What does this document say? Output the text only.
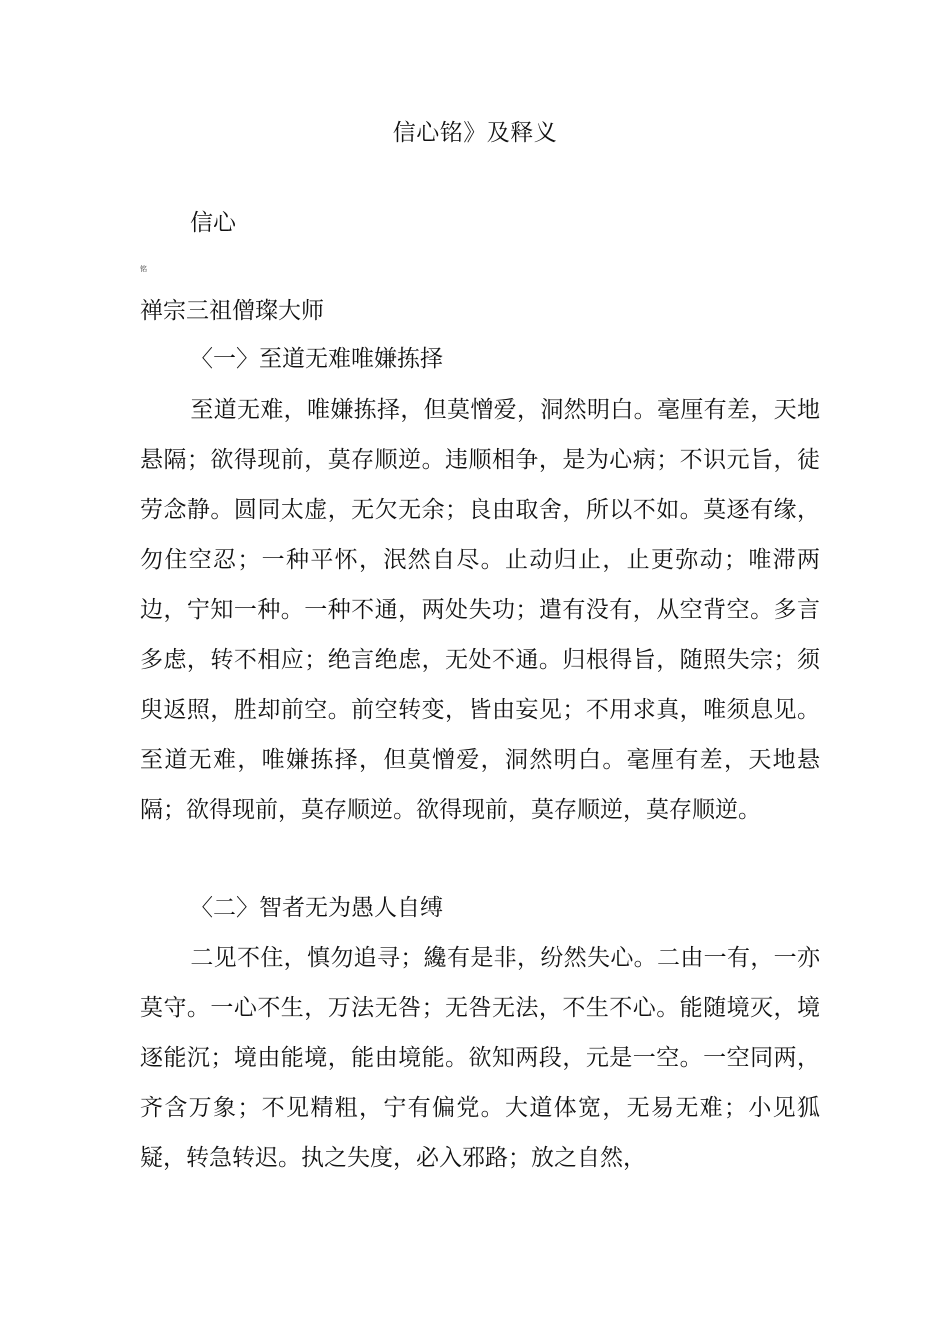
信心铭》及释义
信心
铭
禅宗三祖僧璨大师
〈一〉至道无难唯嫌拣择
至道无难，唯嫌拣择，但莫憎爱，洞然明白。毫厘有差，天地悬隔；欲得现前，莫存顺逆。违顺相争，是为心病；不识元旨，徒劳念静。圆同太虚，无欠无余；良由取舍，所以不如。莫逐有缘，勿住空忍；一种平怀，泯然自尽。止动归止，止更弥动；唯滞两边，宁知一种。一种不通，两处失功；遣有没有，从空背空。多言多虑，转不相应；绝言绝虑，无处不通。归根得旨，随照失宗；须臾返照，胜却前空。前空转变，皆由妄见；不用求真，唯须息见。至道无难，唯嫌拣择，但莫憎爱，洞然明白。毫厘有差，天地悬隔；欲得现前，莫存顺逆。欲得现前，莫存顺逆，莫存顺逆。
〈二〉智者无为愚人自缚
二见不住，慎勿追寻；纔有是非，纷然失心。二由一有，一亦莫守。一心不生，万法无咎；无咎无法，不生不心。能随境灭，境逐能沉；境由能境，能由境能。欲知两段，元是一空。一空同两，齐含万象；不见精粗，宁有偏党。大道体宽，无易无难；小见狐疑，转急转迟。执之失度，必入邪路；放之自然，
